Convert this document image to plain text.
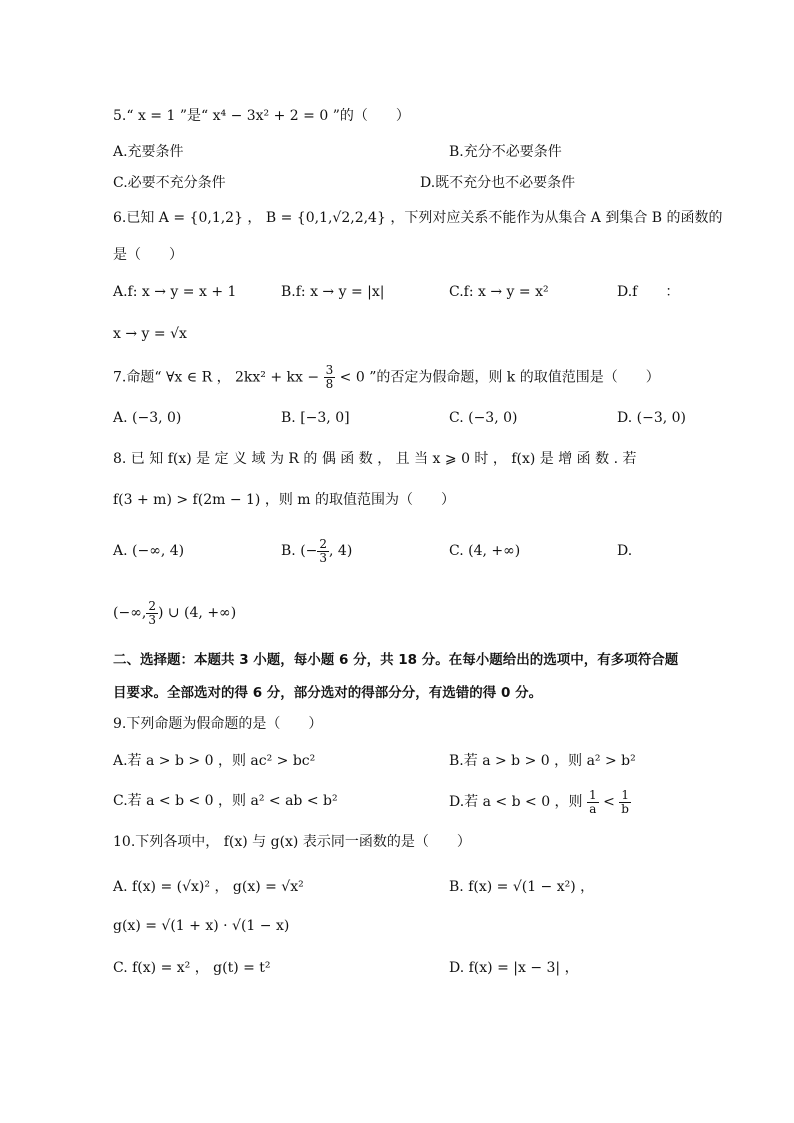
5.“ x = 1 ”是“ x⁴ − 3x² + 2 = 0 ”的（　　）
A.充要条件	B.充分不必要条件
C.必要不充分条件	D.既不充分也不必要条件
6.已知 A = {0,1,2} ， B = {0,1,√2,2,4} ，下列对应关系不能作为从集合 A 到集合 B 的函数的
是（　　）
A.f: x → y = x + 1	B.f: x → y = |x|	C.f: x → y = x²	D.f　　：
x → y = √x
7.命题“ ∀x ∈ R ， 2kx² + kx − $\frac{3}{8} < 0$ ”的否定为假命题，则 k 的取值范围是（　　）
A. (−3, 0)	B. [−3, 0]	C. (−3, 0)	D. (−3, 0)
8. 已 知 f(x) 是 定 义 域 为 R 的 偶 函 数 ， 且 当 x ⩾ 0 时 ， f(x) 是 增 函 数 . 若
f(3 + m) > f(2m − 1) ，则 m 的取值范围为（　　）
A. (−∞, 4)	B. (− $\frac{2}{3}$ , 4)	C. (4, +∞)	D.
(−∞, $\frac{2}{3}$ ) ∪ (4, +∞)
二、选择题：本题共 3 小题，每小题 6 分，共 18 分。在每小题给出的选项中，有多项符合题
目要求。全部选对的得 6 分，部分选对的得部分分，有选错的得 0 分。
9.下列命题为假命题的是（　　）
A.若 a > b > 0 ，则 ac² > bc²	B.若 a > b > 0 ，则 a² > b²
C.若 a < b < 0 ，则 a² < ab < b²	D.若 a < b < 0 ，则 $\frac{1}{a} < \frac{1}{b}$
10.下列各项中， f(x) 与 g(x) 表示同一函数的是（　　）
A. f(x) = (√x)² ， g(x) = √x²	B. f(x) = √(1 − x²) ，
g(x) = √(1 + x) · √(1 − x)
C. f(x) = x² ， g(t) = t²	D. f(x) = |x − 3| ，
